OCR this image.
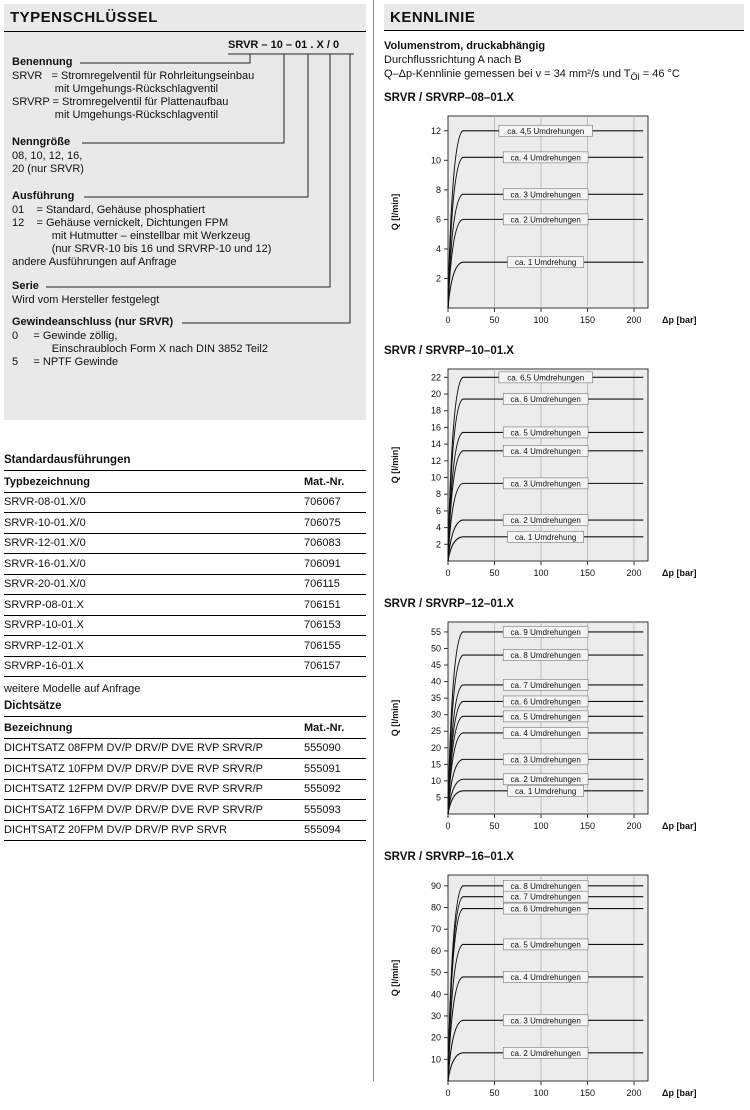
TYPENSCHLÜSSEL
SRVR – 10 – 01 . X / 0
Benennung
SRVR   = Stromregelventil für Rohrleitungseinbau
mit Umgehungs-Rückschlagventil
SRVRP = Stromregelventil für Plattenaufbau
mit Umgehungs-Rückschlagventil
Nenngröße
08, 10, 12, 16,
20 (nur SRVR)
Ausführung
01    = Standard, Gehäuse phosphatiert
12    = Gehäuse vernickelt, Dichtungen FPM
mit Hutmutter – einstellbar mit Werkzeug
(nur SRVR-10 bis 16 und SRVRP-10 und 12)
andere Ausführungen auf Anfrage
Serie
Wird vom Hersteller festgelegt
Gewindeanschluss (nur SRVR)
0     = Gewinde zöllig,
Einschraubloch Form X nach DIN 3852 Teil2
5     = NPTF Gewinde
Standardausführungen
Typbezeichnung	Mat.-Nr.
SRVR-08-01.X/0	706067
SRVR-10-01.X/0	706075
SRVR-12-01.X/0	706083
SRVR-16-01.X/0	706091
SRVR-20-01.X/0	706115
SRVRP-08-01.X	706151
SRVRP-10-01.X	706153
SRVRP-12-01.X	706155
SRVRP-16-01.X	706157
weitere Modelle auf Anfrage
Dichtsätze
Bezeichnung	Mat.-Nr.
DICHTSATZ 08FPM DV/P DRV/P DVE RVP SRVR/P	555090
DICHTSATZ 10FPM DV/P DRV/P DVE RVP SRVR/P	555091
DICHTSATZ 12FPM DV/P DRV/P DVE RVP SRVR/P	555092
DICHTSATZ 16FPM DV/P DRV/P DVE RVP SRVR/P	555093
DICHTSATZ 20FPM DV/P DRV/P RVP SRVR	555094
KENNLINIE
Volumenstrom, druckabhängig
Durchflussrichtung A nach B
Q–Δp-Kennlinie gemessen bei ν = 34 mm²/s und $T_{Öl} = 46$ °C
SRVR / SRVRP–08–01.X
2
4
6
8
10
12
0	50	100	150	200 Δp [bar]
Q [l/min]
ca. 4,5 Umdrehungen
ca. 4 Umdrehungen
ca. 3 Umdrehungen
ca. 2 Umdrehungen
ca. 1 Umdrehung
SRVR / SRVRP–10–01.X
2
4
6
8
10
12
14
16
18
20
22
0	50	100	150	200 Δp [bar]
Q [l/min]
ca. 6,5 Umdrehungen
ca. 6 Umdrehungen
ca. 5 Umdrehungen
ca. 4 Umdrehungen
ca. 3 Umdrehungen
ca. 2 Umdrehungen
ca. 1 Umdrehung
SRVR / SRVRP–12–01.X
5
10
15
20
25
30
35
40
45
50
55
0	50	100	150	200 Δp [bar]
Q [l/min]
ca. 9 Umdrehungen
ca. 8 Umdrehungen
ca. 7 Umdrehungen
ca. 6 Umdrehungen
ca. 5 Umdrehungen
ca. 4 Umdrehungen
ca. 3 Umdrehungen
ca. 2 Umdrehungen
ca. 1 Umdrehung
SRVR / SRVRP–16–01.X
10
20
30
40
50
60
70
80
90
0	50	100	150	200 Δp [bar]
Q [l/min]
ca. 8 Umdrehungen
ca. 7 Umdrehungen
ca. 6 Umdrehungen
ca. 5 Umdrehungen
ca. 4 Umdrehungen
ca. 3 Umdrehungen
ca. 2 Umdrehungen
